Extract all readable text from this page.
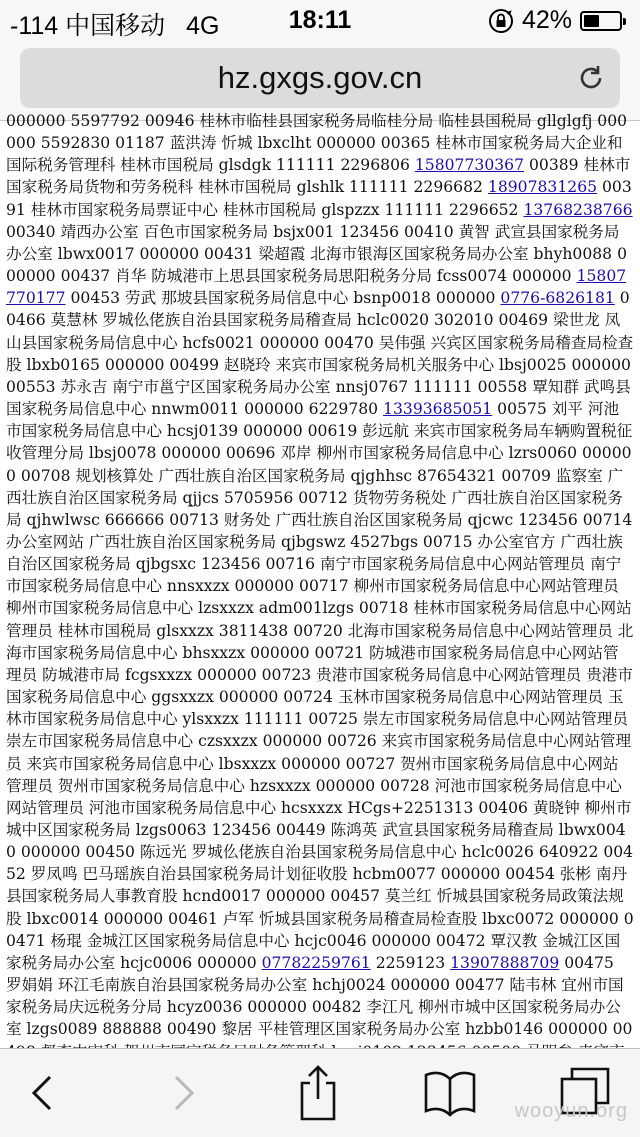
-114 中国移动 4G	18:11	42%
hz.gxgs.gov.cn

000000 5597792 00946 桂林市临桂县国家税务局临桂分局 临桂县国税局 gllglgfj 000000 5592830 01187 蓝洪涛 忻城 lbxclht 000000 00365 桂林市国家税务局大企业和国际税务管理科 桂林市国税局 glsdgk 111111 2296806 15807730367 00389 桂林市国家税务局货物和劳务税科 桂林市国税局 glshlk 111111 2296682 18907831265 00391 桂林市国家税务局票证中心 桂林市国税局 glspzzx 111111 2296652 13768238766 00340 靖西办公室 百色市国家税务局 bsjx001 123456 00410 黄智 武宣县国家税务局办公室 lbwx0017 000000 00431 梁超霞 北海市银海区国家税务局办公室 bhyh0088 000000 00437 肖华 防城港市上思县国家税务局思阳税务分局 fcss0074 000000 15807770177 00453 劳武 那坡县国家税务局信息中心 bsnp0018 000000 0776-6826181 00466 莫慧林 罗城仫佬族自治县国家税务局稽查局 hclc0020 302010 00469 梁世龙 凤山县国家税务局信息中心 hcfs0021 000000 00470 吴伟强 兴宾区国家税务局稽查局检查股 lbxb0165 000000 00499 赵晓玲 来宾市国家税务局机关服务中心 lbsj0025 000000 00553 苏永吉 南宁市邕宁区国家税务局办公室 nnsj0767 111111 00558 覃知群 武鸣县国家税务局信息中心 nnwm0011 000000 6229780 13393685051 00575 刘平 河池市国家税务局信息中心 hcsj0139 000000 00619 彭远航 来宾市国家税务局车辆购置税征收管理分局 lbsj0078 000000 00696 邓岸 柳州市国家税务局信息中心 lzrs0060 000000 00708 规划核算处 广西壮族自治区国家税务局 qjghhsc 87654321 00709 监察室 广西壮族自治区国家税务局 qjjcs 5705956 00712 货物劳务税处 广西壮族自治区国家税务局 qjhwlwsc 666666 00713 财务处 广西壮族自治区国家税务局 qjcwc 123456 00714 办公室网站 广西壮族自治区国家税务局 qjbgswz 4527bgs 00715 办公室官方 广西壮族自治区国家税务局 qjbgsxc 123456 00716 南宁市国家税务局信息中心网站管理员 南宁市国家税务局信息中心 nnsxxzx 000000 00717 柳州市国家税务局信息中心网站管理员 柳州市国家税务局信息中心 lzsxxzx adm001lzgs 00718 桂林市国家税务局信息中心网站管理员 桂林市国税局 glsxxzx 3811438 00720 北海市国家税务局信息中心网站管理员 北海市国家税务局信息中心 bhsxxzx 000000 00721 防城港市国家税务局信息中心网站管理员 防城港市局 fcgsxxzx 000000 00723 贵港市国家税务局信息中心网站管理员 贵港市国家税务局信息中心 ggsxxzx 000000 00724 玉林市国家税务局信息中心网站管理员 玉林市国家税务局信息中心 ylsxxzx 111111 00725 崇左市国家税务局信息中心网站管理员 崇左市国家税务局信息中心 czsxxzx 000000 00726 来宾市国家税务局信息中心网站管理员 来宾市国家税务局信息中心 lbsxxzx 000000 00727 贺州市国家税务局信息中心网站管理员 贺州市国家税务局信息中心 hzsxxzx 000000 00728 河池市国家税务局信息中心网站管理员 河池市国家税务局信息中心 hcsxxzx HCgs+2251313 00406 黄晓钟 柳州市城中区国家税务局 lzgs0063 123456 00449 陈鸿英 武宣县国家税务局稽查局 lbwx0040 000000 00450 陈远光 罗城仫佬族自治县国家税务局信息中心 hclc0026 640922 00452 罗凤鸣 巴马瑶族自治县国家税务局计划征收股 hcbm0077 000000 00454 张彬 南丹县国家税务局人事教育股 hcnd0017 000000 00457 莫兰红 忻城县国家税务局政策法规股 lbxc0014 000000 00461 卢军 忻城县国家税务局稽查局检查股 lbxc0072 000000 00471 杨琨 金城江区国家税务局信息中心 hcjc0046 000000 00472 覃汉教 金城江区国家税务局办公室 hcjc0006 000000 07782259761 2259123 13907888709 00475 罗娟娟 环江毛南族自治县国家税务局办公室 hchj0024 000000 00477 陆韦林 宜州市国家税务局庆远税务分局 hcyz0036 000000 00482 李江凡 柳州市城中区国家税务局办公室 lzgs0089 888888 00490 黎居 平桂管理区国家税务局办公室 hzbb0146 000000 00

wooyun.org
